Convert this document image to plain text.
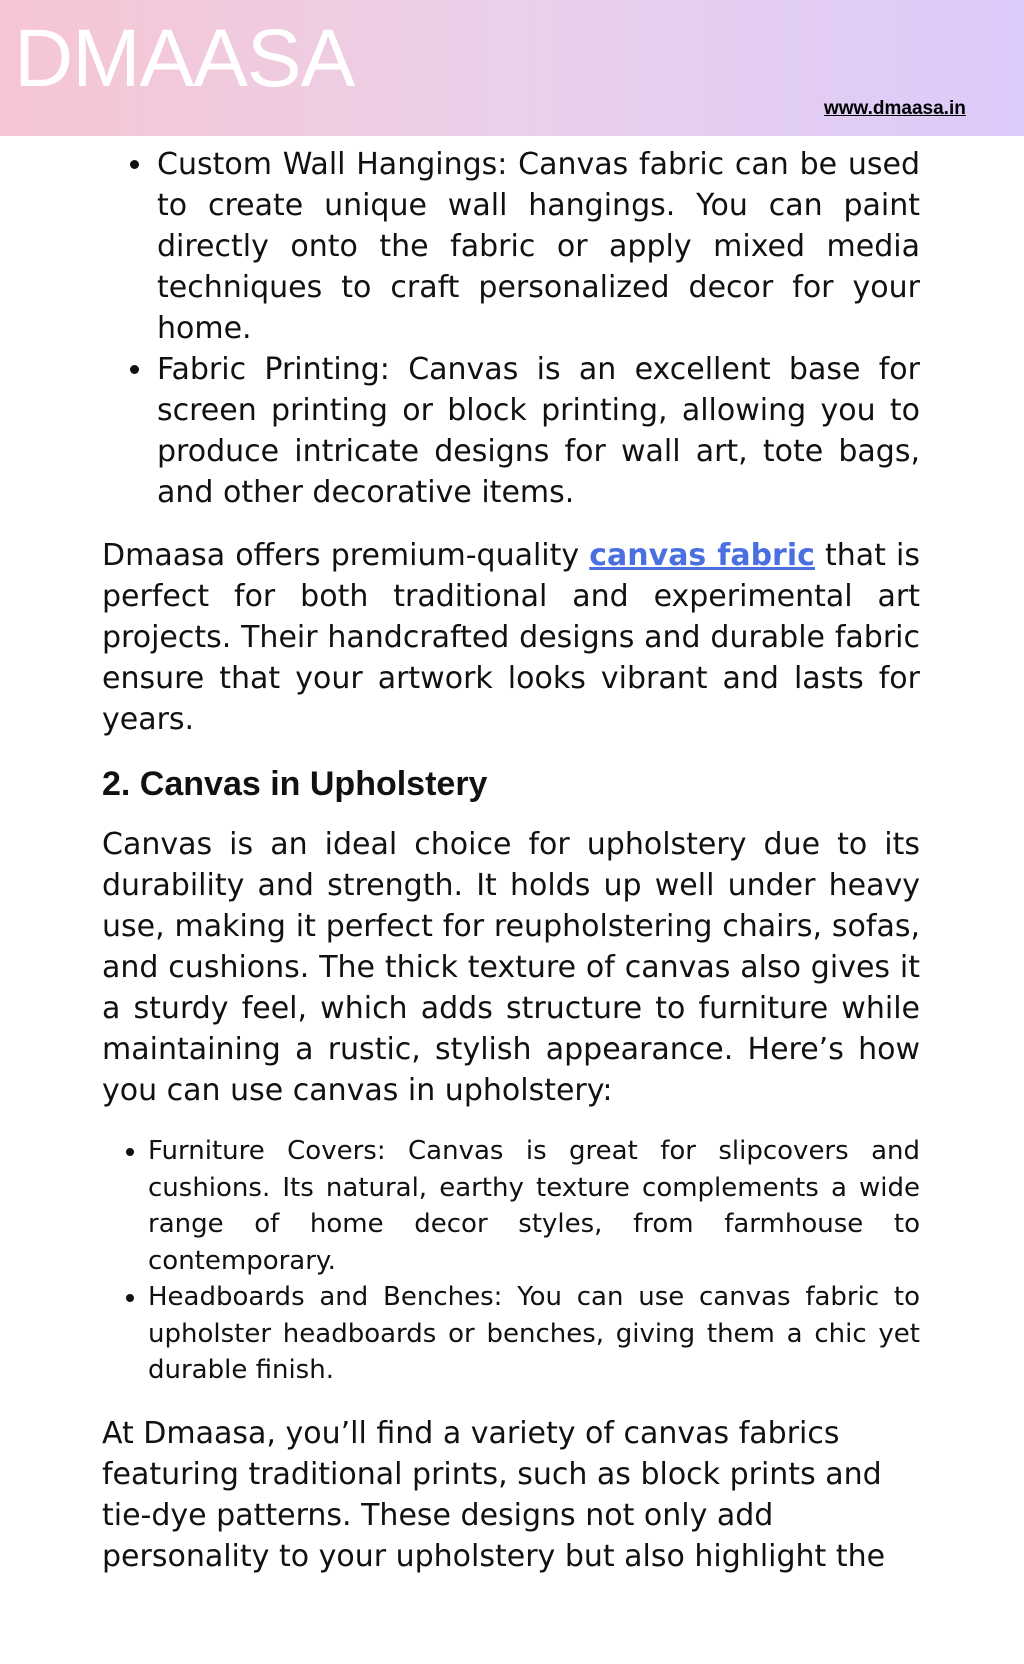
DMAASA
www.dmaasa.in
• Custom Wall Hangings: Canvas fabric can be used to create unique wall hangings. You can paint directly onto the fabric or apply mixed media techniques to craft personalized decor for your home.
• Fabric Printing: Canvas is an excellent base for screen printing or block printing, allowing you to produce intricate designs for wall art, tote bags, and other decorative items.

Dmaasa offers premium-quality canvas fabric that is perfect for both traditional and experimental art projects. Their handcrafted designs and durable fabric ensure that your artwork looks vibrant and lasts for years.

2. Canvas in Upholstery

Canvas is an ideal choice for upholstery due to its durability and strength. It holds up well under heavy use, making it perfect for reupholstering chairs, sofas, and cushions. The thick texture of canvas also gives it a sturdy feel, which adds structure to furniture while maintaining a rustic, stylish appearance. Here’s how you can use canvas in upholstery:

• Furniture Covers: Canvas is great for slipcovers and cushions. Its natural, earthy texture complements a wide range of home decor styles, from farmhouse to contemporary.
• Headboards and Benches: You can use canvas fabric to upholster headboards or benches, giving them a chic yet durable finish.

At Dmaasa, you’ll find a variety of canvas fabrics featuring traditional prints, such as block prints and tie-dye patterns. These designs not only add personality to your upholstery but also highlight the
